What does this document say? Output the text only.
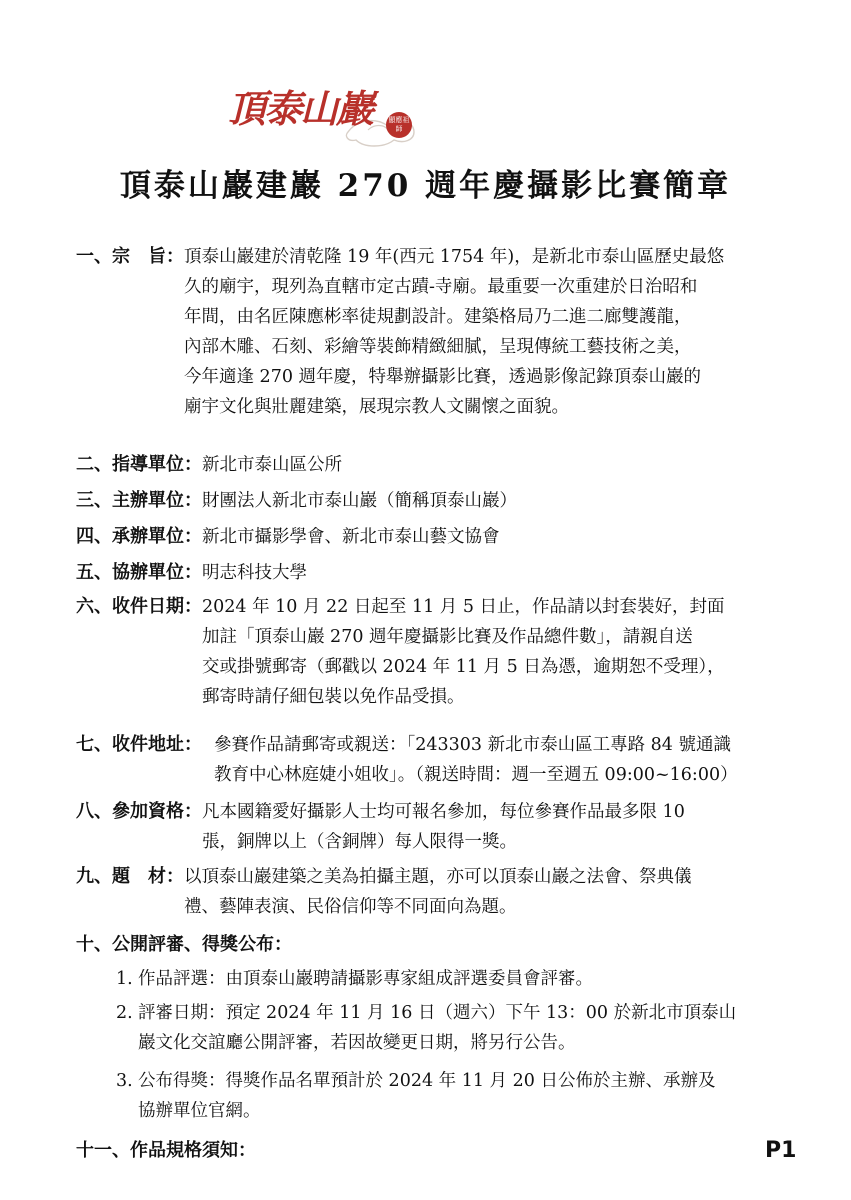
頂泰山巖	顯應祖師
頂泰山巖建巖 270 週年慶攝影比賽簡章
一、宗　旨： 頂泰山巖建於清乾隆 19 年(西元 1754 年)，是新北市泰山區歷史最悠
久的廟宇，現列為直轄市定古蹟-寺廟。最重要一次重建於日治昭和
年間，由名匠陳應彬率徒規劃設計。建築格局乃二進二廊雙護龍，
內部木雕、石刻、彩繪等裝飾精緻細膩，呈現傳統工藝技術之美，
今年適逢 270 週年慶，特舉辦攝影比賽，透過影像記錄頂泰山巖的
廟宇文化與壯麗建築，展現宗教人文關懷之面貌。
二、指導單位： 新北市泰山區公所
三、主辦單位： 財團法人新北市泰山巖（簡稱頂泰山巖）
四、承辦單位： 新北市攝影學會、新北市泰山藝文協會
五、協辦單位： 明志科技大學
六、收件日期： 2024 年 10 月 22 日起至 11 月 5 日止，作品請以封套裝好，封面
加註「頂泰山巖 270 週年慶攝影比賽及作品總件數」，請親自送
交或掛號郵寄（郵戳以 2024 年 11 月 5 日為憑，逾期恕不受理），
郵寄時請仔細包裝以免作品受損。
七、收件地址： 參賽作品請郵寄或親送：「243303 新北市泰山區工專路 84 號通識
教育中心林庭婕小姐收」。（親送時間：週一至週五 09:00~16:00）
八、參加資格： 凡本國籍愛好攝影人士均可報名參加，每位參賽作品最多限 10
張，銅牌以上（含銅牌）每人限得一獎。
九、題　材： 以頂泰山巖建築之美為拍攝主題，亦可以頂泰山巖之法會、祭典儀
禮、藝陣表演、民俗信仰等不同面向為題。
十、公開評審、得獎公布：
1. 作品評選：由頂泰山巖聘請攝影專家組成評選委員會評審。
2. 評審日期：預定 2024 年 11 月 16 日（週六）下午 13：00 於新北市頂泰山
巖文化交誼廳公開評審，若因故變更日期，將另行公告。
3. 公布得獎：得獎作品名單預計於 2024 年 11 月 20 日公佈於主辦、承辦及
協辦單位官網。
十一、作品規格須知：	P1
